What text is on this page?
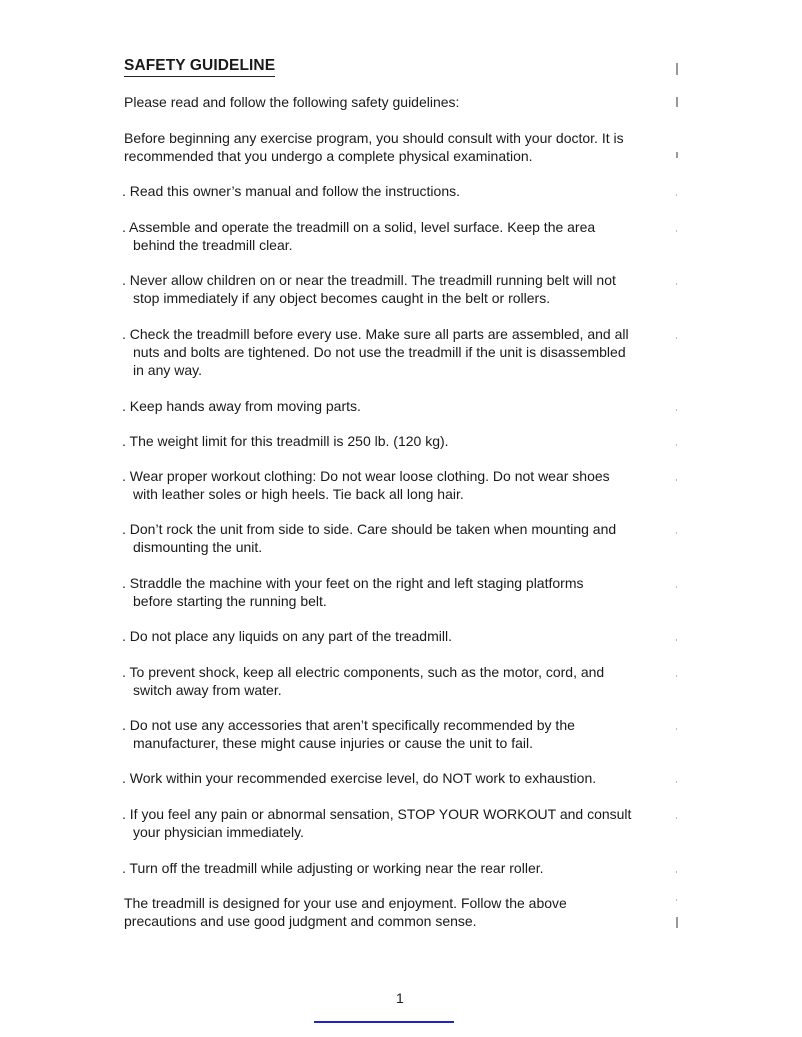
SAFETY GUIDELINE
Please read and follow the following safety guidelines:
Before beginning any exercise program, you should consult with your doctor. It is
recommended that you undergo a complete physical examination.
. Read this owner’s manual and follow the instructions.
. Assemble and operate the treadmill on a solid, level surface. Keep the area
behind the treadmill clear.
. Never allow children on or near the treadmill. The treadmill running belt will not
stop immediately if any object becomes caught in the belt or rollers.
. Check the treadmill before every use. Make sure all parts are assembled, and all
nuts and bolts are tightened. Do not use the treadmill if the unit is disassembled
in any way.
. Keep hands away from moving parts.
. The weight limit for this treadmill is 250 lb. (120 kg).
. Wear proper workout clothing: Do not wear loose clothing. Do not wear shoes
with leather soles or high heels. Tie back all long hair.
. Don’t rock the unit from side to side. Care should be taken when mounting and
dismounting the unit.
. Straddle the machine with your feet on the right and left staging platforms
before starting the running belt.
. Do not place any liquids on any part of the treadmill.
. To prevent shock, keep all electric components, such as the motor, cord, and
switch away from water.
. Do not use any accessories that aren’t specifically recommended by the
manufacturer, these might cause injuries or cause the unit to fail.
. Work within your recommended exercise level, do NOT work to exhaustion.
. If you feel any pain or abnormal sensation, STOP YOUR WORKOUT and consult
your physician immediately.
. Turn off the treadmill while adjusting or working near the rear roller.
The treadmill is designed for your use and enjoyment. Follow the above
precautions and use good judgment and common sense.
1
